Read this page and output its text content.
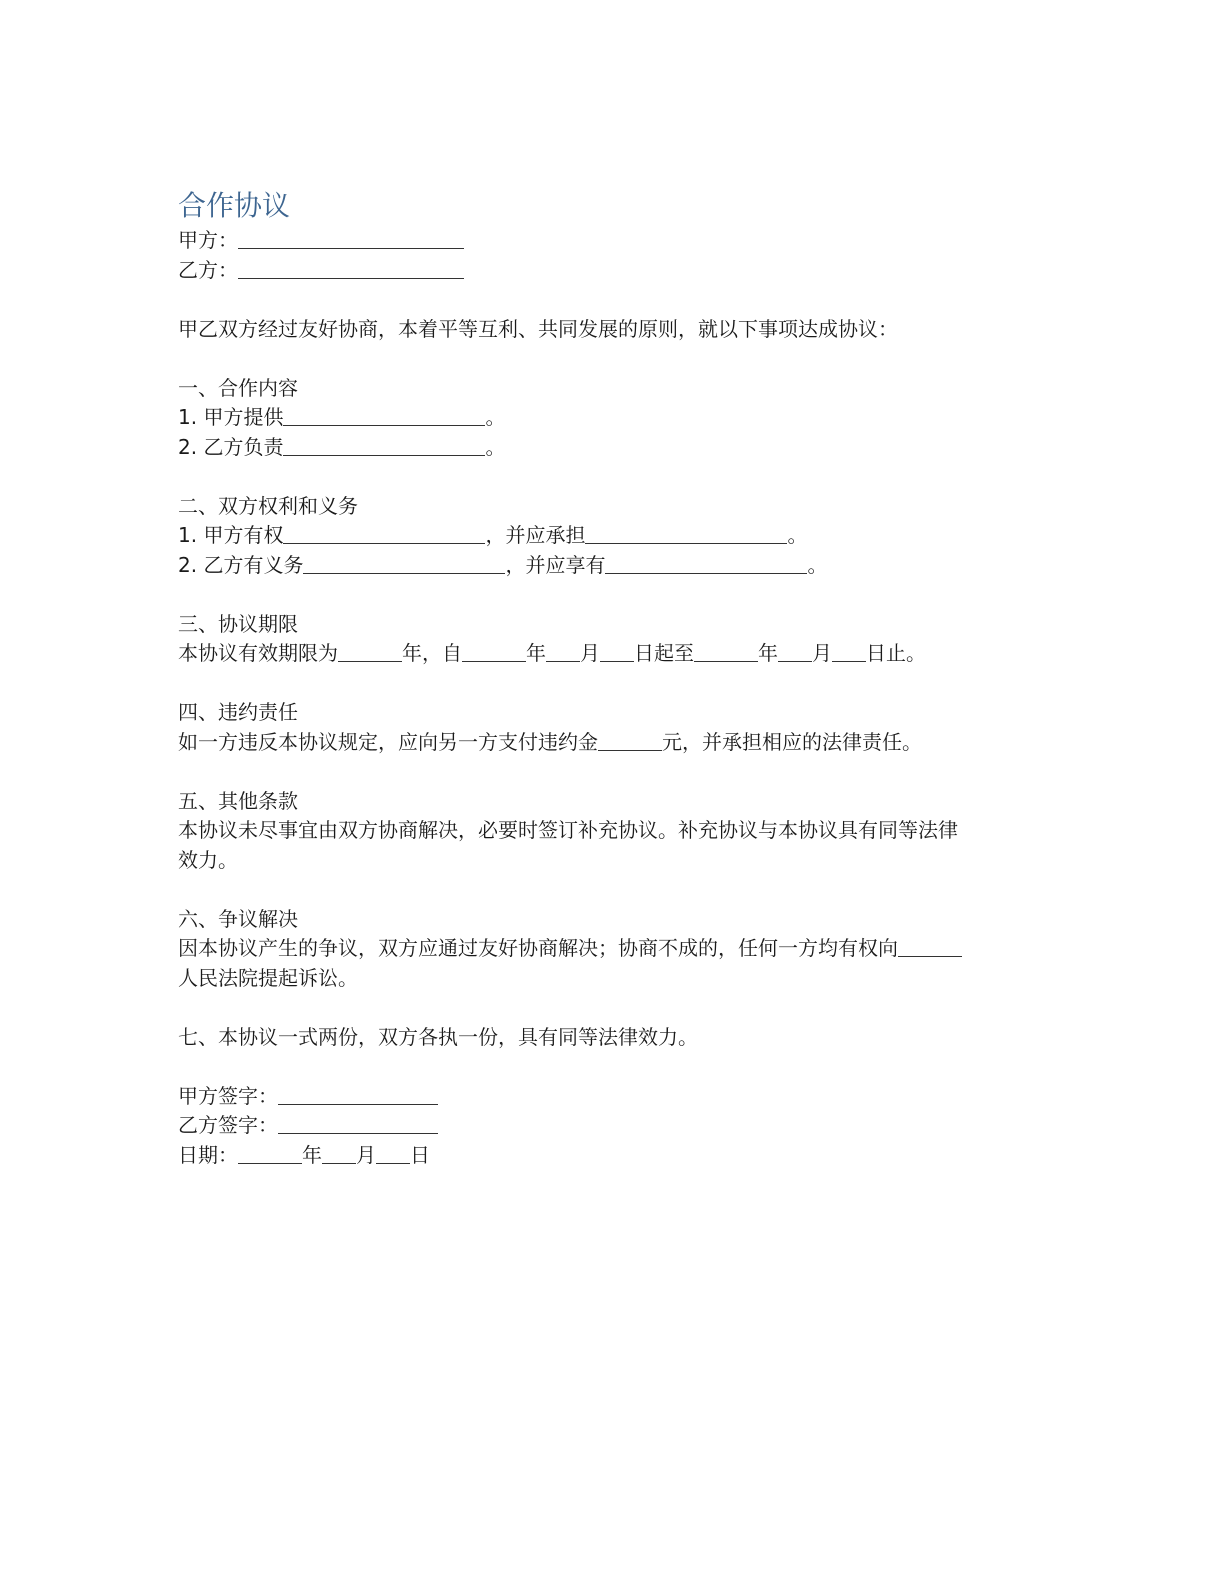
合作协议

甲方：

乙方：

甲乙双方经过友好协商，本着平等互利、共同发展的原则，就以下事项达成协议：

一、合作内容

1. 甲方提供	。

2. 乙方负责	。

二、双方权利和义务

1. 甲方有权	，并应承担	。

2. 乙方有义务	，并应享有	。

三、协议期限

本协议有效期限为	年，自	年 月 日起至	年 月 日止。

四、违约责任

如一方违反本协议规定，应向另一方支付违约金	元，并承担相应的法律责任。

五、其他条款

本协议未尽事宜由双方协商解决，必要时签订补充协议。补充协议与本协议具有同等法律

效力。

六、争议解决

因本协议产生的争议，双方应通过友好协商解决；协商不成的，任何一方均有权向

人民法院提起诉讼。

七、本协议一式两份，双方各执一份，具有同等法律效力。

甲方签字：

乙方签字：

日期：	年 月 日
